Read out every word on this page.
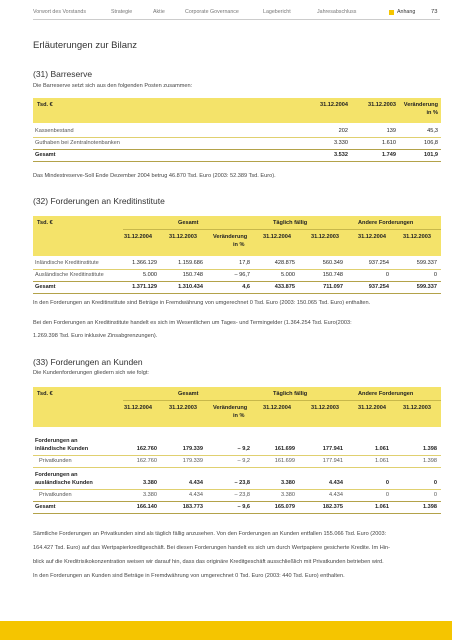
Vorwort des Vorstands	Strategie	Aktie	Corporate Governance	Lagebericht	Jahresabschluss	Anhang	73
Erläuterungen zur Bilanz
(31) Barreserve
Die Barreserve setzt sich aus den folgenden Posten zusammen:
Tsd. €	31.12.2004	31.12.2003	Veränderung
in %
Kassenbestand	202	139	45,3
Guthaben bei Zentralnotenbanken	3.330	1.610	106,8
Gesamt	3.532	1.749	101,9
Das Mindestreserve-Soll Ende Dezember 2004 betrug 46.870 Tsd. Euro (2003: 52.389 Tsd. Euro).
(32) Forderungen an Kreditinstitute
Tsd. €	Gesamt	Täglich fällig	Andere Forderungen
31.12.2004	31.12.2003	Veränderung
in %
31.12.2004	31.12.2003	31.12.2004	31.12.2003
Inländische Kreditinstitute	1.366.129	1.159.686	17,8	428.875	560.349	937.254	599.337
Ausländische Kreditinstitute	5.000	150.748	– 96,7	5.000	150.748	0	0
Gesamt	1.371.129	1.310.434	4,6	433.875	711.097	937.254	599.337
In den Forderungen an Kreditinstitute sind Beträge in Fremdwährung von umgerechnet 0 Tsd. Euro (2003: 150.065 Tsd. Euro) enthalten.
Bei den Forderungen an Kreditinstitute handelt es sich im Wesentlichen um Tages- und Termingelder (1.364.254 Tsd. Euro(2003:
1.269.398 Tsd. Euro inklusive Zinsabgrenzungen).
(33) Forderungen an Kunden
Die Kundenforderungen gliedern sich wie folgt:
Tsd. €	Gesamt	Täglich fällig	Andere Forderungen
31.12.2004	31.12.2003	Veränderung
in %
31.12.2004	31.12.2003	31.12.2004	31.12.2003
Forderungen an
inländische Kunden	162.760	179.339	– 9,2	161.699	177.941	1.061	1.398
Privatkunden	162.760	179.339	– 9,2	161.699	177.941	1.061	1.398
Forderungen an
ausländische Kunden	3.380	4.434	– 23,8	3.380	4.434	0	0
Privatkunden	3.380	4.434	– 23,8	3.380	4.434	0	0
Gesamt	166.140	183.773	– 9,6	165.079	182.375	1.061	1.398
Sämtliche Forderungen an Privatkunden sind als täglich fällig anzusehen. Von den Forderungen an Kunden entfallen 155.066 Tsd. Euro (2003:
164.427 Tsd. Euro) auf das Wertpapierkreditgeschäft. Bei diesen Forderungen handelt es sich um durch Wertpapiere gesicherte Kredite. Im Hin-
blick auf die Kreditrisikokonzentration weisen wir darauf hin, dass das originäre Kreditgeschäft ausschließlich mit Privatkunden betrieben wird.
In den Forderungen an Kunden sind Beträge in Fremdwährung von umgerechnet 0 Tsd. Euro (2003: 440 Tsd. Euro) enthalten.
